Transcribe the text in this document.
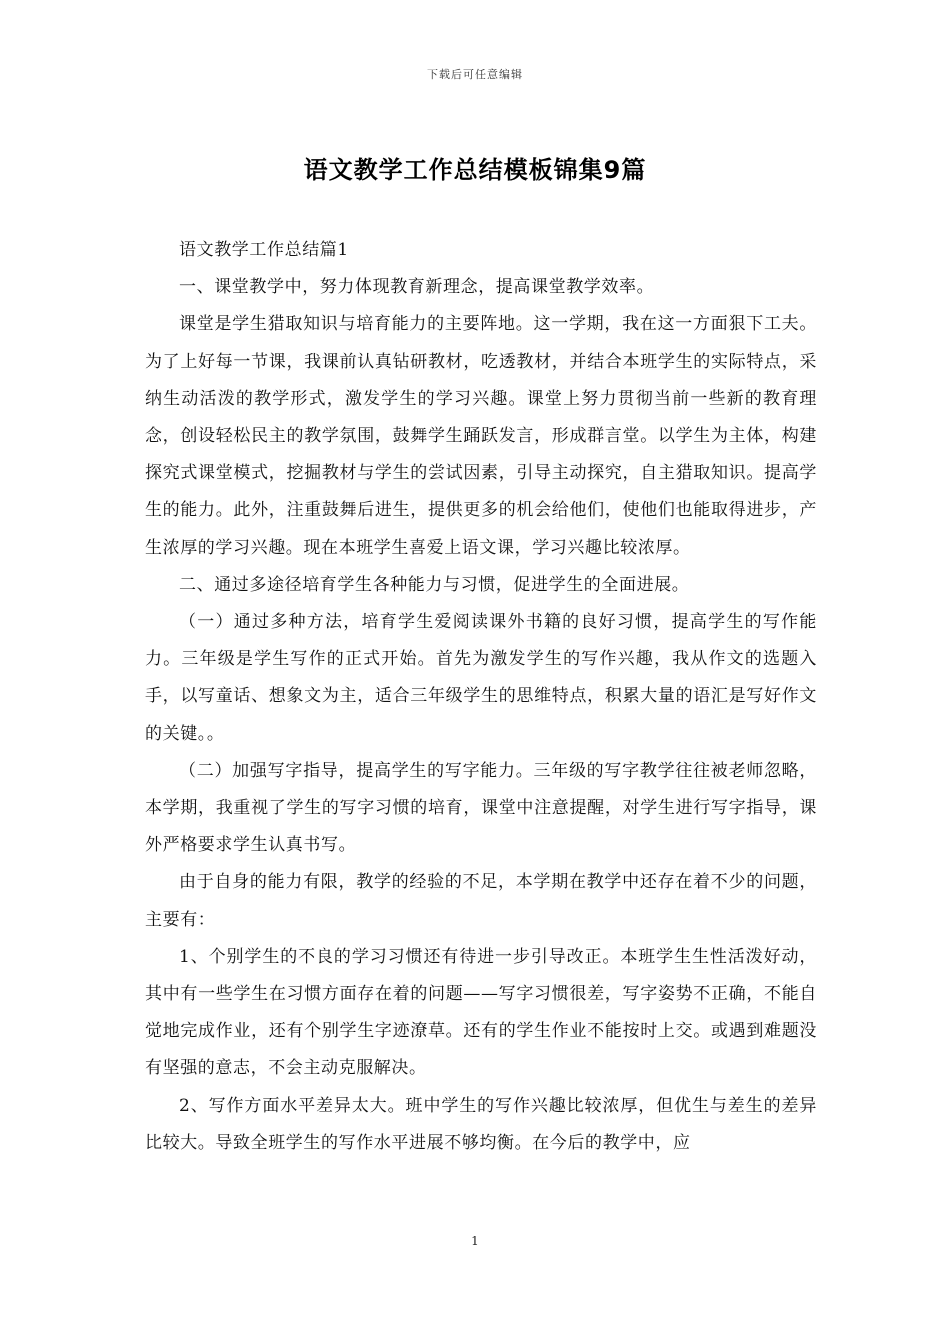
下载后可任意编辑
语文教学工作总结模板锦集9篇

语文教学工作总结篇1

一、课堂教学中，努力体现教育新理念，提高课堂教学效率。

课堂是学生猎取知识与培育能力的主要阵地。这一学期，我在这一方面狠下工夫。为了上好每一节课，我课前认真钻研教材，吃透教材，并结合本班学生的实际特点，采纳生动活泼的教学形式，激发学生的学习兴趣。课堂上努力贯彻当前一些新的教育理念，创设轻松民主的教学氛围，鼓舞学生踊跃发言，形成群言堂。以学生为主体，构建探究式课堂模式，挖掘教材与学生的尝试因素，引导主动探究，自主猎取知识。提高学生的能力。此外，注重鼓舞后进生，提供更多的机会给他们，使他们也能取得进步，产生浓厚的学习兴趣。现在本班学生喜爱上语文课，学习兴趣比较浓厚。

二、通过多途径培育学生各种能力与习惯，促进学生的全面进展。

（一）通过多种方法，培育学生爱阅读课外书籍的良好习惯，提高学生的写作能力。三年级是学生写作的正式开始。首先为激发学生的写作兴趣，我从作文的选题入手，以写童话、想象文为主，适合三年级学生的思维特点，积累大量的语汇是写好作文的关键。。

（二）加强写字指导，提高学生的写字能力。三年级的写字教学往往被老师忽略，本学期，我重视了学生的写字习惯的培育，课堂中注意提醒，对学生进行写字指导，课外严格要求学生认真书写。

由于自身的能力有限，教学的经验的不足，本学期在教学中还存在着不少的问题，主要有：

1、个别学生的不良的学习习惯还有待进一步引导改正。本班学生生性活泼好动，其中有一些学生在习惯方面存在着的问题——写字习惯很差，写字姿势不正确，不能自觉地完成作业，还有个别学生字迹潦草。还有的学生作业不能按时上交。或遇到难题没有坚强的意志，不会主动克服解决。

2、写作方面水平差异太大。班中学生的写作兴趣比较浓厚，但优生与差生的差异比较大。导致全班学生的写作水平进展不够均衡。在今后的教学中，应

1
